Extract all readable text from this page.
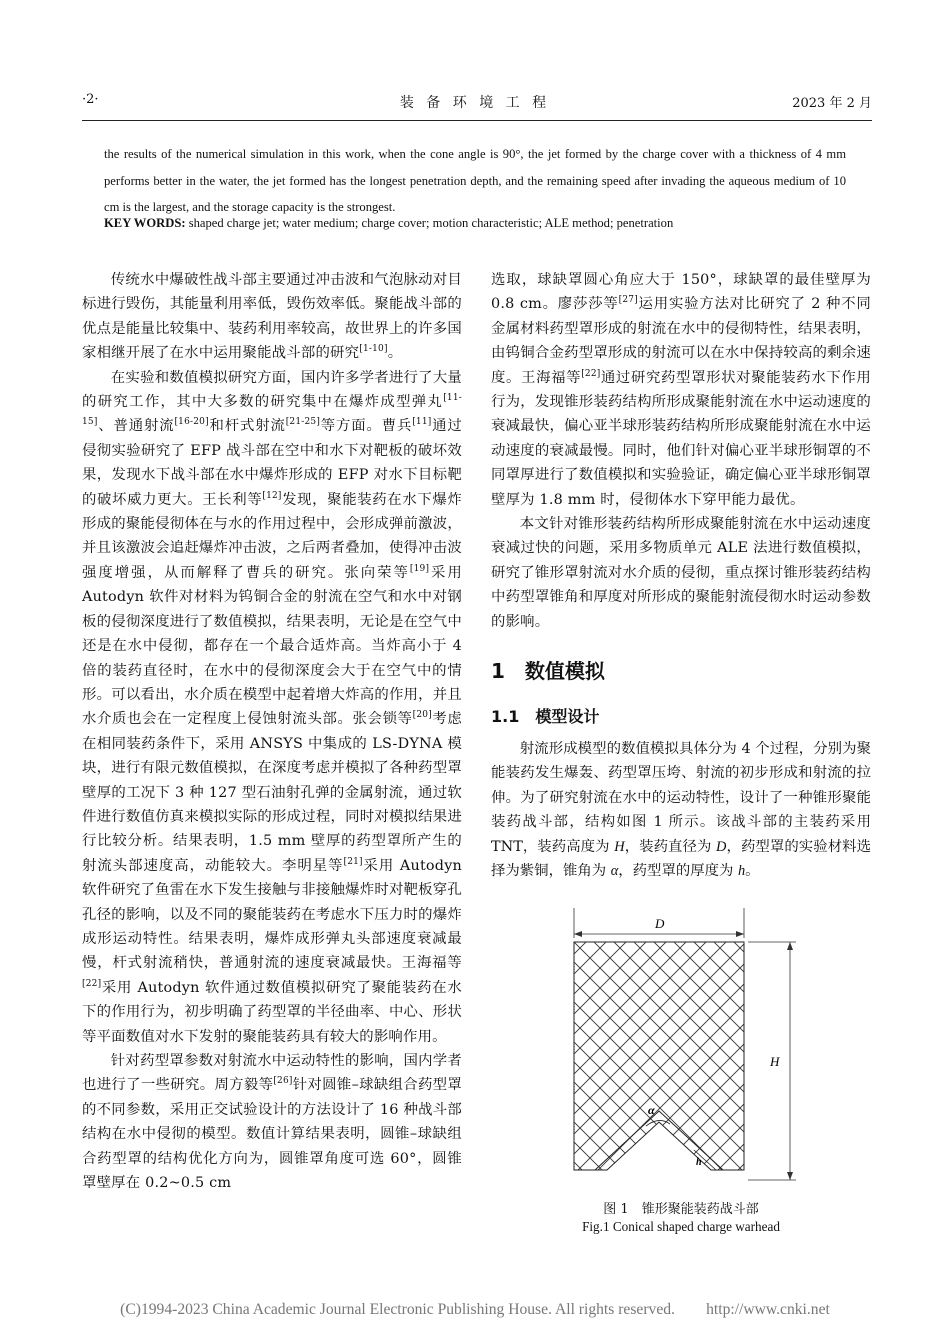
·2·	装 备 环 境 工 程	2023 年 2 月

the results of the numerical simulation in this work, when the cone angle is 90°, the jet formed by the charge cover with a thickness of 4 mm performs better in the water, the jet formed has the longest penetration depth, and the remaining speed after invading the aqueous medium of 10 cm is the largest, and the storage capacity is the strongest.

KEY WORDS: shaped charge jet; water medium; charge cover; motion characteristic; ALE method; penetration

传统水中爆破性战斗部主要通过冲击波和气泡脉动对目标进行毁伤，其能量利用率低，毁伤效率低。聚能战斗部的优点是能量比较集中、装药利用率较高，故世界上的许多国家相继开展了在水中运用聚能战斗部的研究[1-10]。

在实验和数值模拟研究方面，国内许多学者进行了大量的研究工作，其中大多数的研究集中在爆炸成型弹丸[11-15]、普通射流[16-20]和杆式射流[21-25]等方面。曹兵[11]通过侵彻实验研究了 EFP 战斗部在空中和水下对靶板的破坏效果，发现水下战斗部在水中爆炸形成的 EFP 对水下目标靶的破坏威力更大。王长利等[12]发现，聚能装药在水下爆炸形成的聚能侵彻体在与水的作用过程中，会形成弹前激波，并且该激波会追赶爆炸冲击波，之后两者叠加，使得冲击波强度增强，从而解释了曹兵的研究。张向荣等[19]采用 Autodyn 软件对材料为钨铜合金的射流在空气和水中对钢板的侵彻深度进行了数值模拟，结果表明，无论是在空气中还是在水中侵彻，都存在一个最合适炸高。当炸高小于 4 倍的装药直径时，在水中的侵彻深度会大于在空气中的情形。可以看出，水介质在模型中起着增大炸高的作用，并且水介质也会在一定程度上侵蚀射流头部。张会锁等[20]考虑在相同装药条件下，采用 ANSYS 中集成的 LS-DYNA 模块，进行有限元数值模拟，在深度考虑并模拟了各种药型罩壁厚的工况下 3 种 127 型石油射孔弹的金属射流，通过软件进行数值仿真来模拟实际的形成过程，同时对模拟结果进行比较分析。结果表明，1.5 mm 壁厚的药型罩所产生的射流头部速度高，动能较大。李明星等[21]采用 Autodyn 软件研究了鱼雷在水下发生接触与非接触爆炸时对靶板穿孔孔径的影响，以及不同的聚能装药在考虑水下压力时的爆炸成形运动特性。结果表明，爆炸成形弹丸头部速度衰减最慢，杆式射流稍快，普通射流的速度衰减最快。王海福等[22]采用 Autodyn 软件通过数值模拟研究了聚能装药在水下的作用行为，初步明确了药型罩的半径曲率、中心、形状等平面数值对水下发射的聚能装药具有较大的影响作用。

针对药型罩参数对射流水中运动特性的影响，国内学者也进行了一些研究。周方毅等[26]针对圆锥–球缺组合药型罩的不同参数，采用正交试验设计的方法设计了 16 种战斗部结构在水中侵彻的模型。数值计算结果表明，圆锥–球缺组合药型罩的结构优化方向为，圆锥罩角度可选 60°，圆锥罩壁厚在 0.2~0.5 cm

选取，球缺罩圆心角应大于 150°，球缺罩的最佳壁厚为 0.8 cm。廖莎莎等[27]运用实验方法对比研究了 2 种不同金属材料药型罩形成的射流在水中的侵彻特性，结果表明，由钨铜合金药型罩形成的射流可以在水中保持较高的剩余速度。王海福等[22]通过研究药型罩形状对聚能装药水下作用行为，发现锥形装药结构所形成聚能射流在水中运动速度的衰减最快，偏心亚半球形装药结构所形成聚能射流在水中运动速度的衰减最慢。同时，他们针对偏心亚半球形铜罩的不同罩厚进行了数值模拟和实验验证，确定偏心亚半球形铜罩壁厚为 1.8 mm 时，侵彻体水下穿甲能力最优。

本文针对锥形装药结构所形成聚能射流在水中运动速度衰减过快的问题，采用多物质单元 ALE 法进行数值模拟，研究了锥形罩射流对水介质的侵彻，重点探讨锥形装药结构中药型罩锥角和厚度对所形成的聚能射流侵彻水时运动参数的影响。

1　数值模拟
1.1　模型设计

射流形成模型的数值模拟具体分为 4 个过程，分别为聚能装药发生爆轰、药型罩压垮、射流的初步形成和射流的拉伸。为了研究射流在水中的运动特性，设计了一种锥形聚能装药战斗部，结构如图 1 所示。该战斗部的主装药采用 TNT，装药高度为 H，装药直径为 D，药型罩的实验材料选择为紫铜，锥角为 α，药型罩的厚度为 h。

D
H
α
h
图 1　锥形聚能装药战斗部
Fig.1 Conical shaped charge warhead
(C)1994-2023 China Academic Journal Electronic Publishing House. All rights reserved.　　http://www.cnki.net
